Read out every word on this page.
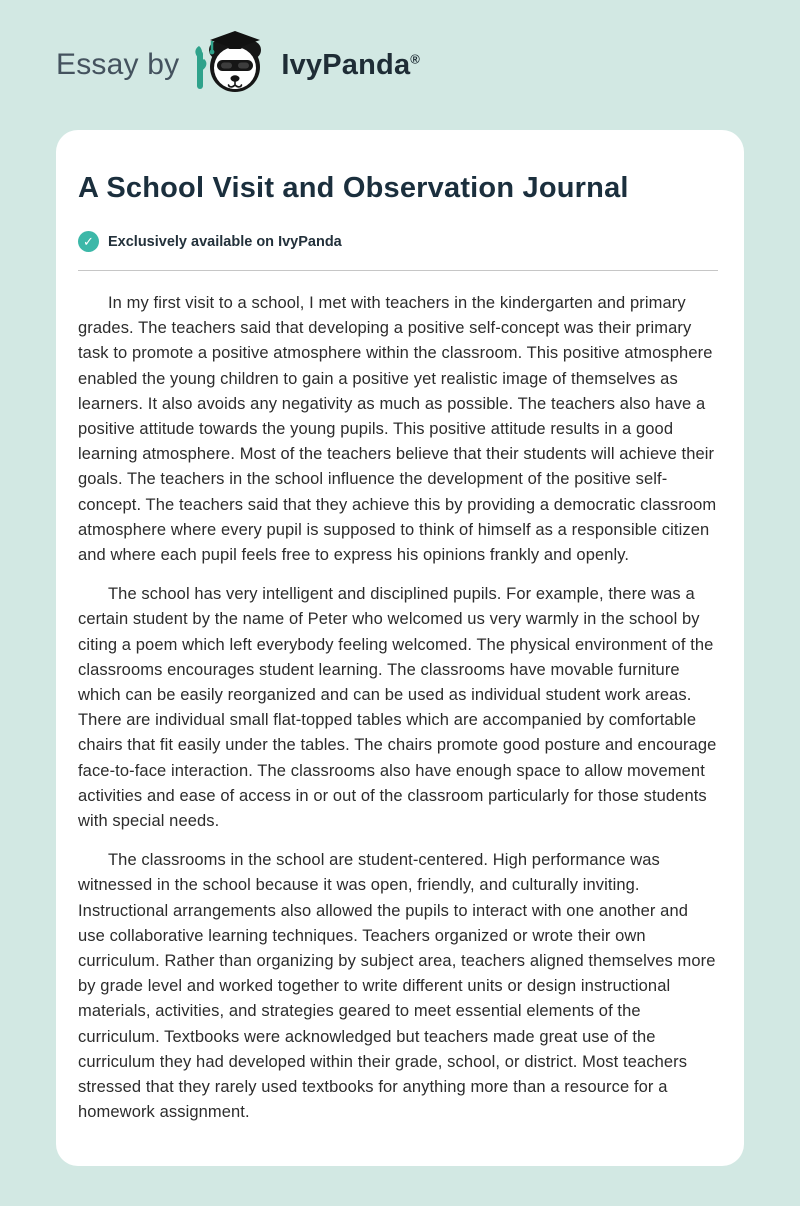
Essay by	IvyPanda®
A School Visit and Observation Journal
✓ Exclusively available on IvyPanda

In my first visit to a school, I met with teachers in the kindergarten and primary grades. The teachers said that developing a positive self-concept was their primary task to promote a positive atmosphere within the classroom. This positive atmosphere enabled the young children to gain a positive yet realistic image of themselves as learners. It also avoids any negativity as much as possible. The teachers also have a positive attitude towards the young pupils. This positive attitude results in a good learning atmosphere. Most of the teachers believe that their students will achieve their goals. The teachers in the school influence the development of the positive self-concept. The teachers said that they achieve this by providing a democratic classroom atmosphere where every pupil is supposed to think of himself as a responsible citizen and where each pupil feels free to express his opinions frankly and openly.

The school has very intelligent and disciplined pupils. For example, there was a certain student by the name of Peter who welcomed us very warmly in the school by citing a poem which left everybody feeling welcomed. The physical environment of the classrooms encourages student learning. The classrooms have movable furniture which can be easily reorganized and can be used as individual student work areas. There are individual small flat-topped tables which are accompanied by comfortable chairs that fit easily under the tables. The chairs promote good posture and encourage face-to-face interaction. The classrooms also have enough space to allow movement activities and ease of access in or out of the classroom particularly for those students with special needs.

The classrooms in the school are student-centered. High performance was witnessed in the school because it was open, friendly, and culturally inviting. Instructional arrangements also allowed the pupils to interact with one another and use collaborative learning techniques. Teachers organized or wrote their own curriculum. Rather than organizing by subject area, teachers aligned themselves more by grade level and worked together to write different units or design instructional materials, activities, and strategies geared to meet essential elements of the curriculum. Textbooks were acknowledged but teachers made great use of the curriculum they had developed within their grade, school, or district. Most teachers stressed that they rarely used textbooks for anything more than a resource for a homework assignment.
